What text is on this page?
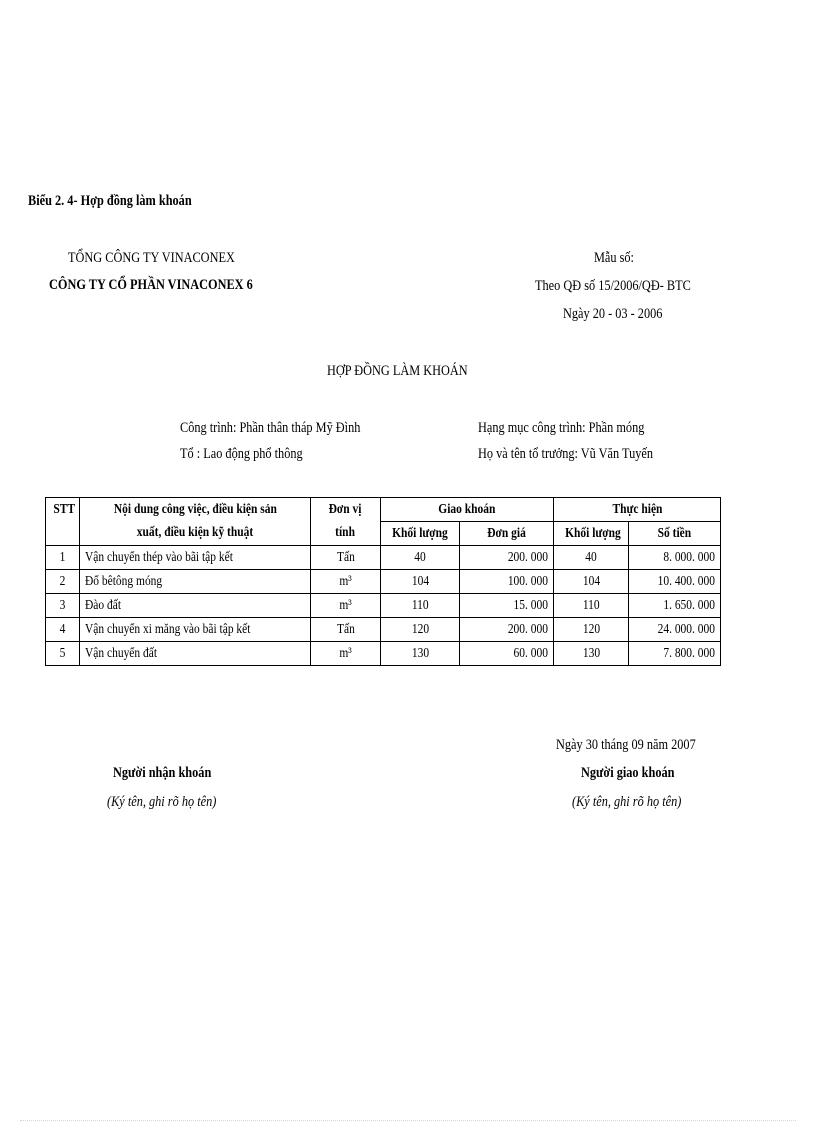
Biểu 2. 4- Hợp đồng làm khoán
TỔNG CÔNG TY VINACONEX
CÔNG TY CỔ PHẦN VINACONEX 6
Mẫu số:
Theo QĐ số 15/2006/QĐ- BTC
Ngày 20 - 03 - 2006
HỢP ĐỒNG LÀM KHOÁN
Công trình: Phần thân tháp Mỹ Đình
Tổ : Lao động phổ thông
Hạng mục công trình: Phần móng
Họ và tên tổ trưởng: Vũ Văn Tuyến
STT	Nội dung công việc, điều kiện sản	Đơn vị	Giao khoán		Thực hiện	
	xuất, điều kiện kỹ thuật	tính	Khối lượng	Đơn giá	Khối lượng	Số tiền
1	Vận chuyển thép vào bãi tập kết	Tấn	40	200. 000	40	8. 000. 000
2	Đổ bêtông móng	m³	104	100. 000	104	10. 400. 000
3	Đào đất	m³	110	15. 000	110	1. 650. 000
4	Vận chuyển xi măng vào bãi tập kết	Tấn	120	200. 000	120	24. 000. 000
5	Vận chuyển đất	m³	130	60. 000	130	7. 800. 000
Ngày 30 tháng 09 năm 2007
Người nhận khoán
(Ký tên, ghi rõ họ tên)
Người giao khoán
(Ký tên, ghi rõ họ tên)
